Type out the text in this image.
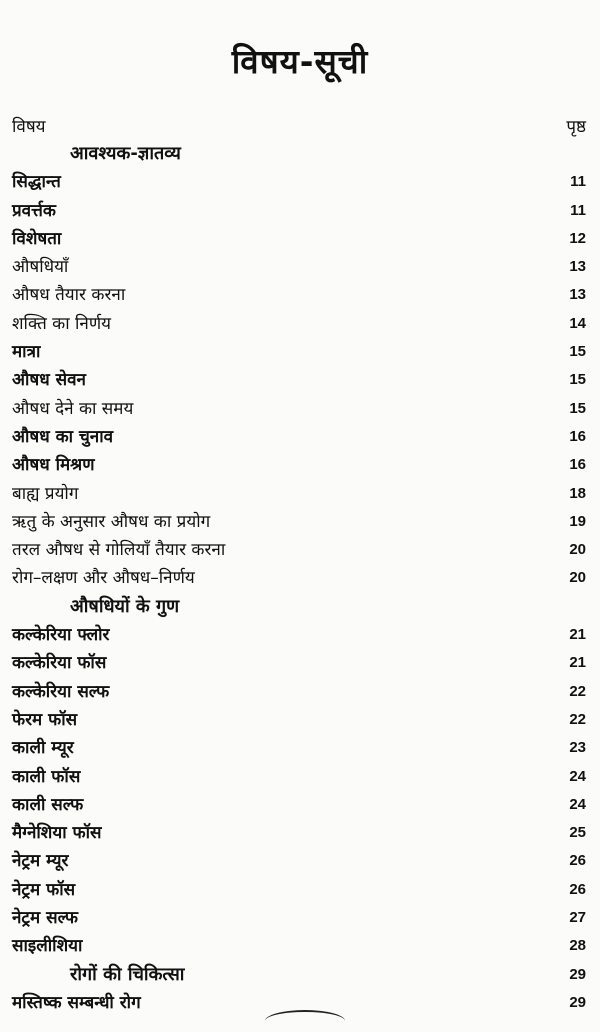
विषय-सूची
विषय	पृष्ठ
आवश्यक-ज्ञातव्य
सिद्धान्त	11
प्रवर्त्तक	11
विशेषता	12
औषधियाँ	13
औषध तैयार करना	13
शक्ति का निर्णय	14
मात्रा	15
औषध सेवन	15
औषध देने का समय	15
औषध का चुनाव	16
औषध मिश्रण	16
बाह्य प्रयोग	18
ऋतु के अनुसार औषध का प्रयोग	19
तरल औषध से गोलियाँ तैयार करना	20
रोग–लक्षण और औषध–निर्णय	20
औषधियों के गुण
कल्केरिया फ्लोर	21
कल्केरिया फॉस	21
कल्केरिया सल्फ	22
फेरम फॉस	22
काली म्यूर	23
काली फॉस	24
काली सल्फ	24
मैग्नेशिया फॉस	25
नेट्रम म्यूर	26
नेट्रम फॉस	26
नेट्रम सल्फ	27
साइलीशिया	28
रोगों की चिकित्सा	29
मस्तिष्क सम्बन्धी रोग	29
